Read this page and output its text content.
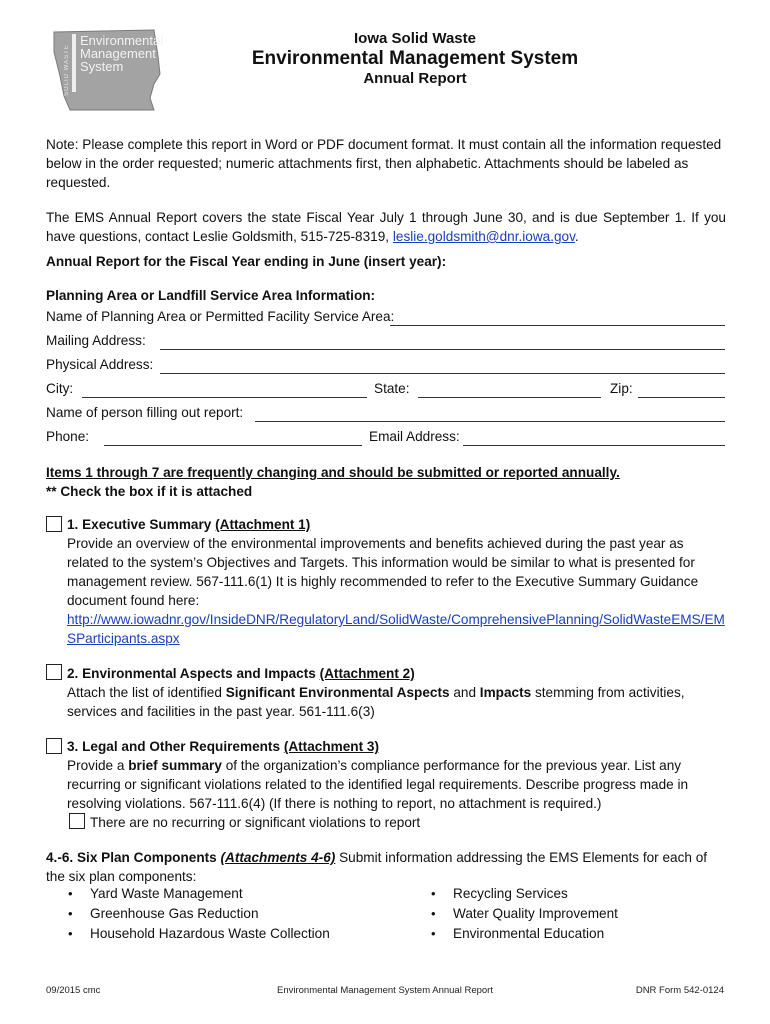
SOLID WASTE
Environmental
Management
System
Iowa Solid Waste
Environmental Management System
Annual Report
Note: Please complete this report in Word or PDF document format. It must contain all the information requested below in the order requested; numeric attachments first, then alphabetic. Attachments should be labeled as requested.
The EMS Annual Report covers the state Fiscal Year July 1 through June 30, and is due September 1. If you have questions, contact Leslie Goldsmith, 515-725-8319, leslie.goldsmith@dnr.iowa.gov.
Annual Report for the Fiscal Year ending in June (insert year):
Planning Area or Landfill Service Area Information:
Name of Planning Area or Permitted Facility Service Area:
Mailing Address:
Physical Address:
City:	State:	Zip:
Name of person filling out report:
Phone:	Email Address:
Items 1 through 7 are frequently changing and should be submitted or reported annually.
** Check the box if it is attached
1. Executive Summary (Attachment 1)
Provide an overview of the environmental improvements and benefits achieved during the past year as related to the system’s Objectives and Targets. This information would be similar to what is presented for management review. 567-111.6(1) It is highly recommended to refer to the Executive Summary Guidance document found here:
http://www.iowadnr.gov/InsideDNR/RegulatoryLand/SolidWaste/ComprehensivePlanning/SolidWasteEMS/EMSParticipants.aspx
2. Environmental Aspects and Impacts (Attachment 2)
Attach the list of identified Significant Environmental Aspects and Impacts stemming from activities, services and facilities in the past year. 561-111.6(3)
3. Legal and Other Requirements (Attachment 3)
Provide a brief summary of the organization’s compliance performance for the previous year. List any recurring or significant violations related to the identified legal requirements. Describe progress made in resolving violations. 567-111.6(4) (If there is nothing to report, no attachment is required.)
There are no recurring or significant violations to report
4.-6. Six Plan Components (Attachments 4-6) Submit information addressing the EMS Elements for each of the six plan components:
• Yard Waste Management
• Greenhouse Gas Reduction
• Household Hazardous Waste Collection
• Recycling Services
• Water Quality Improvement
• Environmental Education
09/2015 cmc	Environmental Management System Annual Report	DNR Form 542-0124
